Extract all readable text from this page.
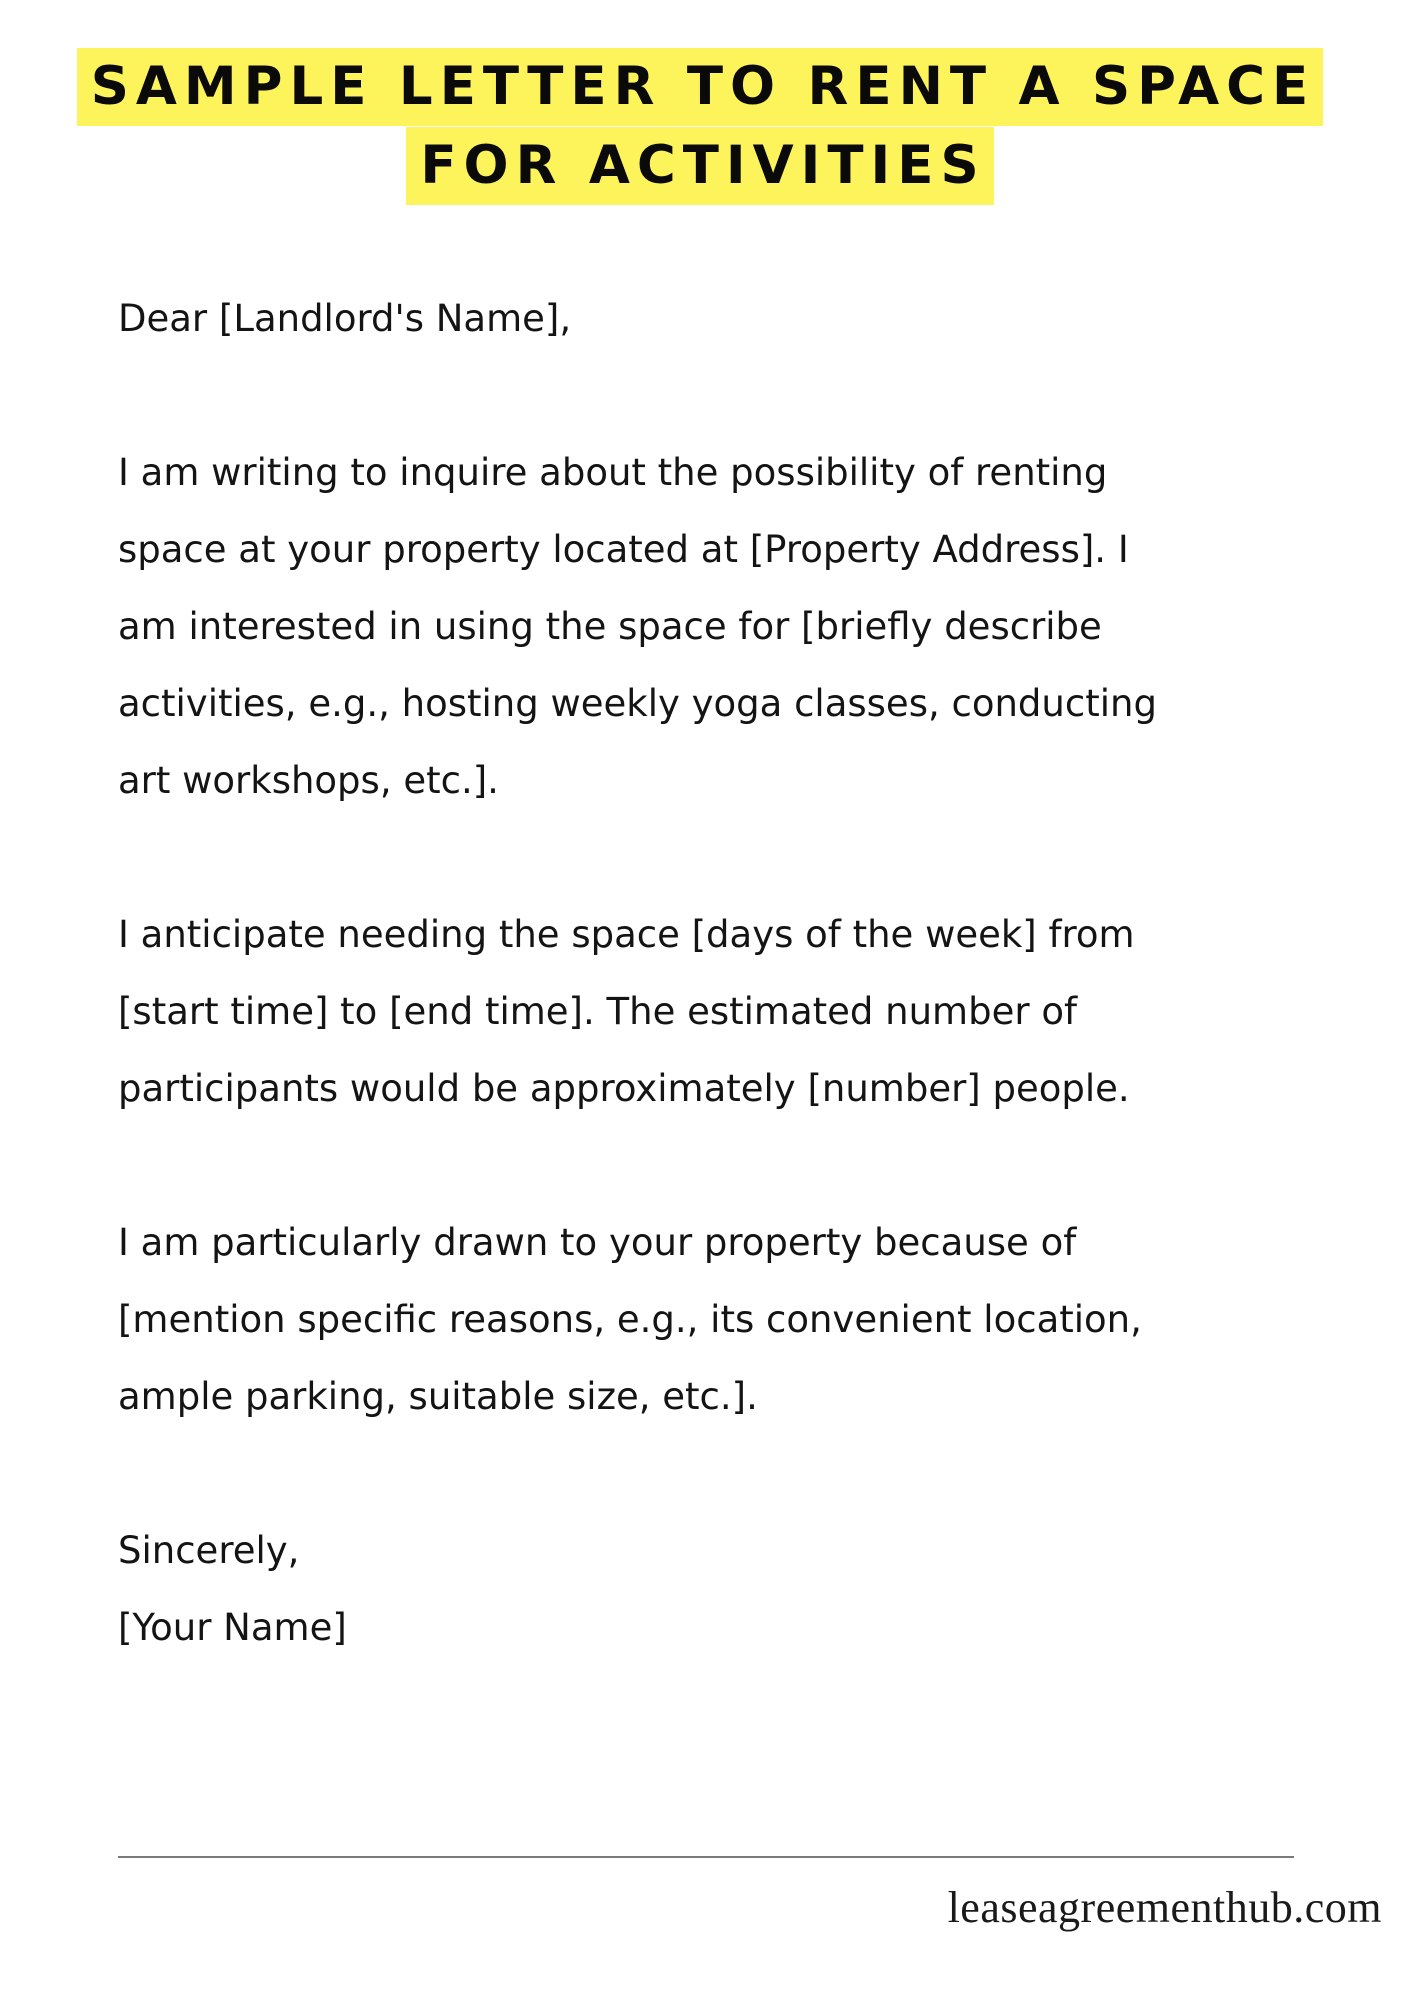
SAMPLE LETTER TO RENT A SPACE
FOR ACTIVITIES

Dear [Landlord's Name],

I am writing to inquire about the possibility of renting

space at your property located at [Property Address]. I

am interested in using the space for [briefly describe

activities, e.g., hosting weekly yoga classes, conducting

art workshops, etc.].

I anticipate needing the space [days of the week] from

[start time] to [end time]. The estimated number of

participants would be approximately [number] people.

I am particularly drawn to your property because of

[mention specific reasons, e.g., its convenient location,

ample parking, suitable size, etc.].

Sincerely,

[Your Name]

leaseagreementhub.com
